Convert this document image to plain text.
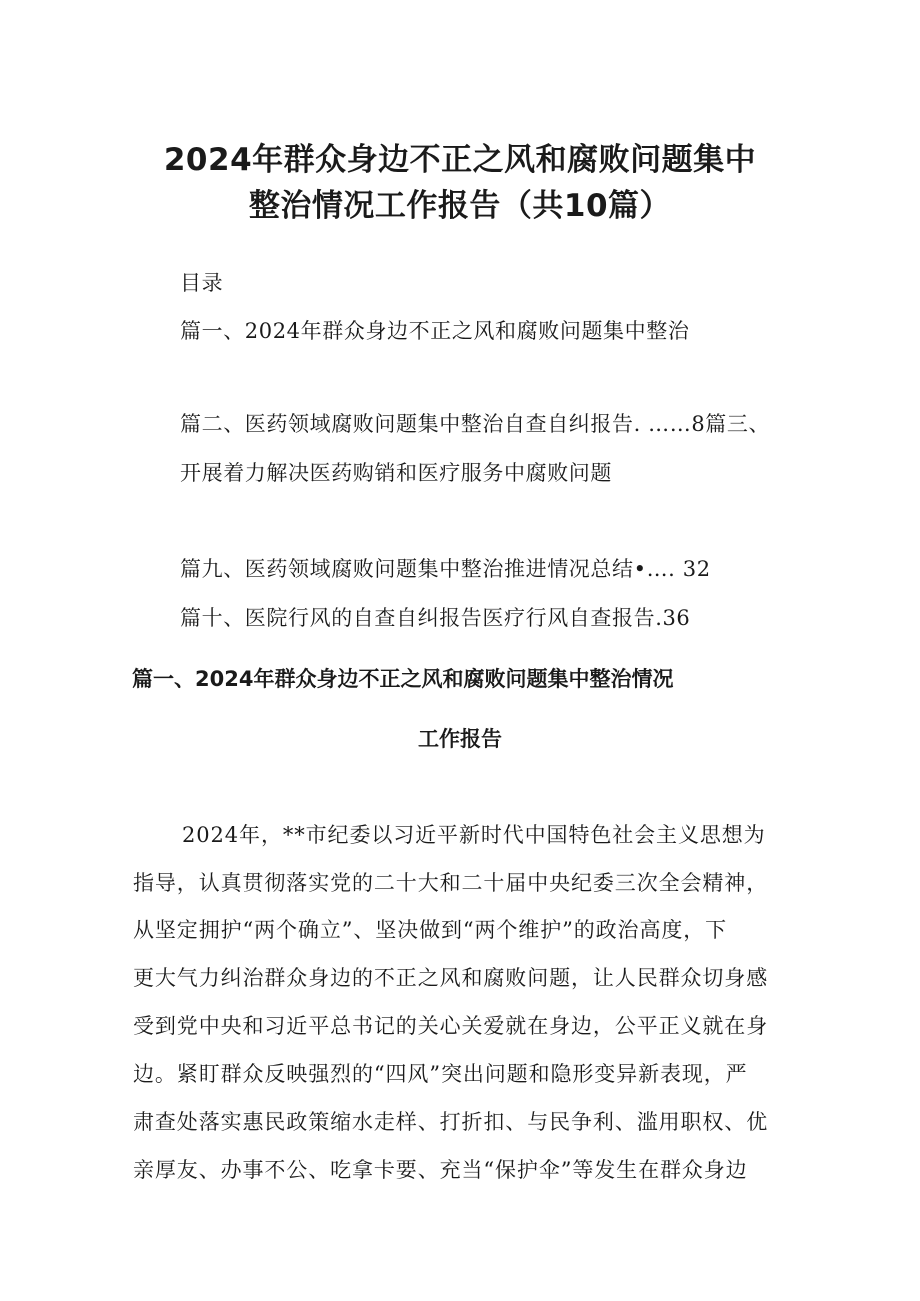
2024年群众身边不正之风和腐败问题集中
整治情况工作报告（共10篇）
目录
篇一、2024年群众身边不正之风和腐败问题集中整治
篇二、医药领域腐败问题集中整治自查自纠报告. ……8篇三、
开展着力解决医药购销和医疗服务中腐败问题
篇九、医药领域腐败问题集中整治推进情况总结•…. 32
篇十、医院行风的自查自纠报告医疗行风自查报告.36
篇一、2024年群众身边不正之风和腐败问题集中整治情况
工作报告
2024年，**市纪委以习近平新时代中国特色社会主义思想为
指导，认真贯彻落实党的二十大和二十届中央纪委三次全会精神，
从坚定拥护“两个确立”、坚决做到“两个维护”的政治高度，下
更大气力纠治群众身边的不正之风和腐败问题，让人民群众切身感
受到党中央和习近平总书记的关心关爱就在身边，公平正义就在身
边。紧盯群众反映强烈的“四风”突出问题和隐形变异新表现，严
肃查处落实惠民政策缩水走样、打折扣、与民争利、滥用职权、优
亲厚友、办事不公、吃拿卡要、充当“保护伞”等发生在群众身边
